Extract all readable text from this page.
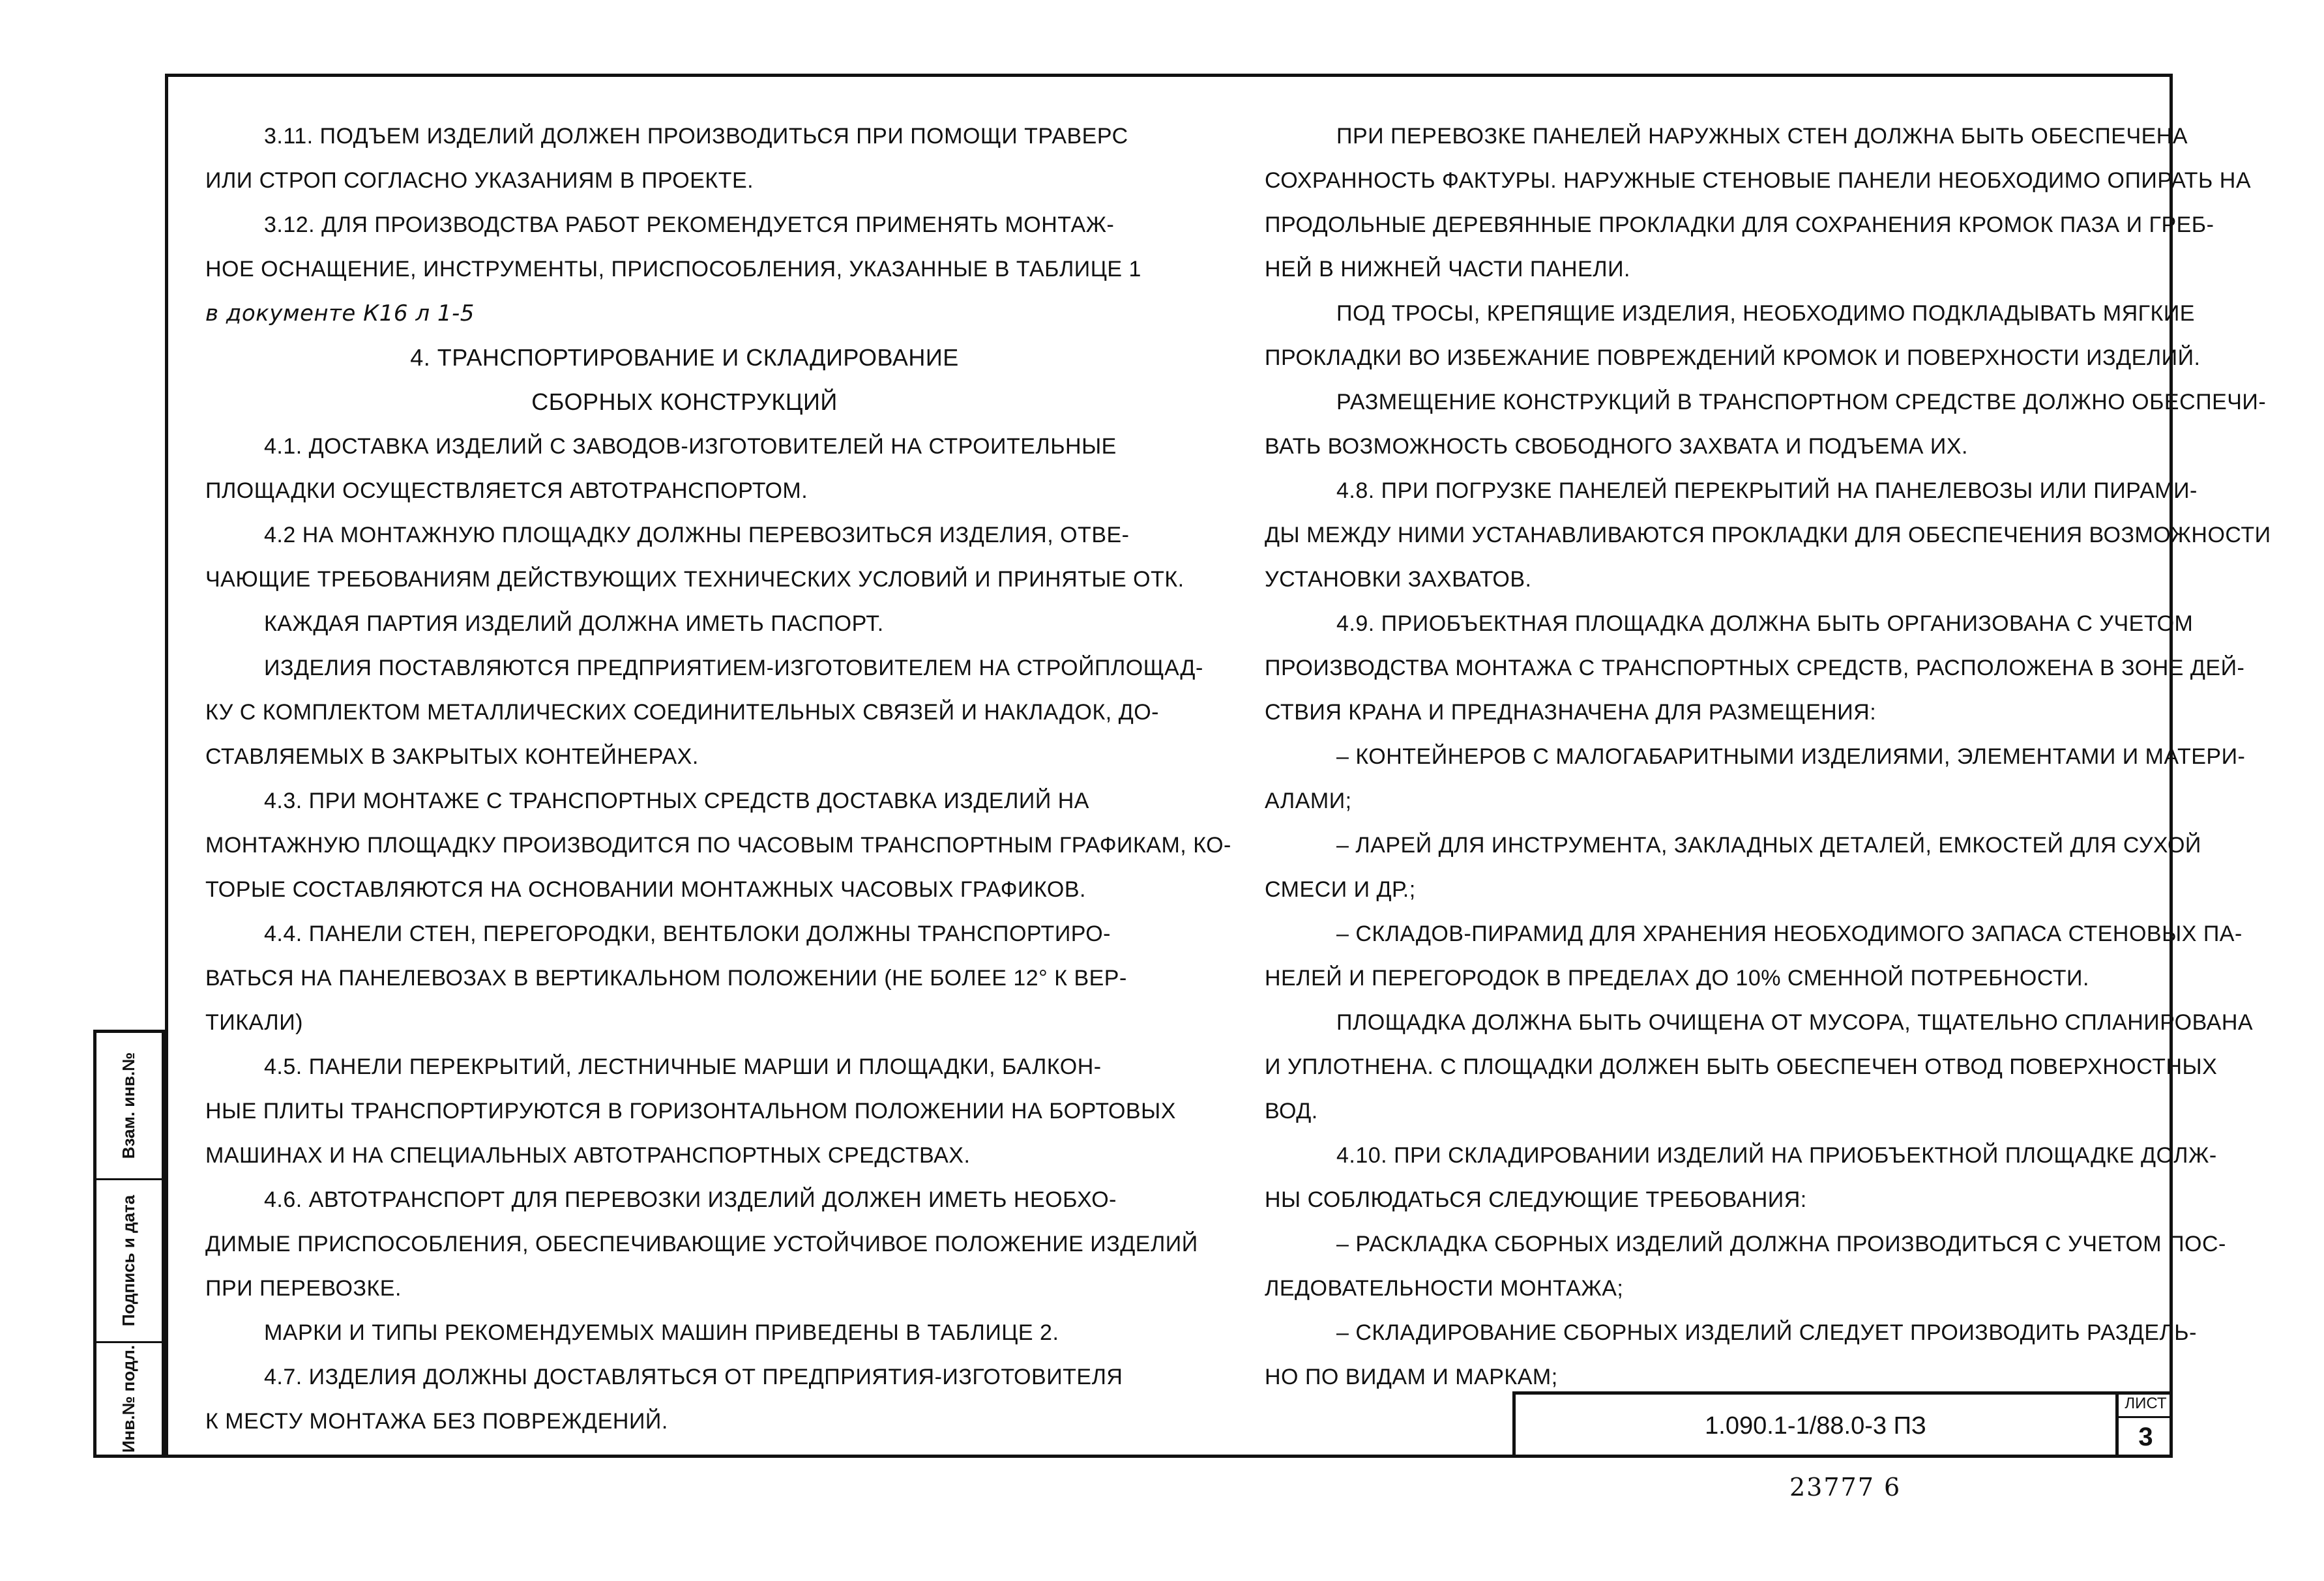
3.11. ПОДЪЕМ ИЗДЕЛИЙ ДОЛЖЕН ПРОИЗВОДИТЬСЯ ПРИ ПОМОЩИ ТРАВЕРС
ИЛИ СТРОП СОГЛАСНО УКАЗАНИЯМ В ПРОЕКТЕ.
3.12. ДЛЯ ПРОИЗВОДСТВА РАБОТ РЕКОМЕНДУЕТСЯ ПРИМЕНЯТЬ МОНТАЖ-
НОЕ ОСНАЩЕНИЕ, ИНСТРУМЕНТЫ, ПРИСПОСОБЛЕНИЯ, УКАЗАННЫЕ В ТАБЛИЦЕ 1
в документе К16 л 1-5
4. ТРАНСПОРТИРОВАНИЕ И СКЛАДИРОВАНИЕ
СБОРНЫХ КОНСТРУКЦИЙ
4.1. ДОСТАВКА ИЗДЕЛИЙ С ЗАВОДОВ-ИЗГОТОВИТЕЛЕЙ НА СТРОИТЕЛЬНЫЕ
ПЛОЩАДКИ ОСУЩЕСТВЛЯЕТСЯ АВТОТРАНСПОРТОМ.
4.2 НА МОНТАЖНУЮ ПЛОЩАДКУ ДОЛЖНЫ ПЕРЕВОЗИТЬСЯ ИЗДЕЛИЯ, ОТВЕ-
ЧАЮЩИЕ ТРЕБОВАНИЯМ ДЕЙСТВУЮЩИХ ТЕХНИЧЕСКИХ УСЛОВИЙ И ПРИНЯТЫЕ ОТК.
КАЖДАЯ ПАРТИЯ ИЗДЕЛИЙ ДОЛЖНА ИМЕТЬ ПАСПОРТ.
ИЗДЕЛИЯ ПОСТАВЛЯЮТСЯ ПРЕДПРИЯТИЕМ-ИЗГОТОВИТЕЛЕМ НА СТРОЙПЛОЩАД-
КУ С КОМПЛЕКТОМ МЕТАЛЛИЧЕСКИХ СОЕДИНИТЕЛЬНЫХ СВЯЗЕЙ И НАКЛАДОК, ДО-
СТАВЛЯЕМЫХ В ЗАКРЫТЫХ КОНТЕЙНЕРАХ.
4.3. ПРИ МОНТАЖЕ С ТРАНСПОРТНЫХ СРЕДСТВ ДОСТАВКА ИЗДЕЛИЙ НА
МОНТАЖНУЮ ПЛОЩАДКУ ПРОИЗВОДИТСЯ ПО ЧАСОВЫМ ТРАНСПОРТНЫМ ГРАФИКАМ, КО-
ТОРЫЕ СОСТАВЛЯЮТСЯ НА ОСНОВАНИИ МОНТАЖНЫХ ЧАСОВЫХ ГРАФИКОВ.
4.4. ПАНЕЛИ СТЕН, ПЕРЕГОРОДКИ, ВЕНТБЛОКИ ДОЛЖНЫ ТРАНСПОРТИРО-
ВАТЬСЯ НА ПАНЕЛЕВОЗАХ В ВЕРТИКАЛЬНОМ ПОЛОЖЕНИИ (НЕ БОЛЕЕ 12° К ВЕР-
ТИКАЛИ)
4.5. ПАНЕЛИ ПЕРЕКРЫТИЙ, ЛЕСТНИЧНЫЕ МАРШИ И ПЛОЩАДКИ, БАЛКОН-
НЫЕ ПЛИТЫ ТРАНСПОРТИРУЮТСЯ В ГОРИЗОНТАЛЬНОМ ПОЛОЖЕНИИ НА БОРТОВЫХ
МАШИНАХ И НА СПЕЦИАЛЬНЫХ АВТОТРАНСПОРТНЫХ СРЕДСТВАХ.
4.6. АВТОТРАНСПОРТ ДЛЯ ПЕРЕВОЗКИ ИЗДЕЛИЙ ДОЛЖЕН ИМЕТЬ НЕОБХО-
ДИМЫЕ ПРИСПОСОБЛЕНИЯ, ОБЕСПЕЧИВАЮЩИЕ УСТОЙЧИВОЕ ПОЛОЖЕНИЕ ИЗДЕЛИЙ
ПРИ ПЕРЕВОЗКЕ.
МАРКИ И ТИПЫ РЕКОМЕНДУЕМЫХ МАШИН ПРИВЕДЕНЫ В ТАБЛИЦЕ 2.
4.7. ИЗДЕЛИЯ ДОЛЖНЫ ДОСТАВЛЯТЬСЯ ОТ ПРЕДПРИЯТИЯ-ИЗГОТОВИТЕЛЯ
К МЕСТУ МОНТАЖА БЕЗ ПОВРЕЖДЕНИЙ.
ПРИ ПЕРЕВОЗКЕ ПАНЕЛЕЙ НАРУЖНЫХ СТЕН ДОЛЖНА БЫТЬ ОБЕСПЕЧЕНА
СОХРАННОСТЬ ФАКТУРЫ. НАРУЖНЫЕ СТЕНОВЫЕ ПАНЕЛИ НЕОБХОДИМО ОПИРАТЬ НА
ПРОДОЛЬНЫЕ ДЕРЕВЯННЫЕ ПРОКЛАДКИ ДЛЯ СОХРАНЕНИЯ КРОМОК ПАЗА И ГРЕБ-
НЕЙ В НИЖНЕЙ ЧАСТИ ПАНЕЛИ.
ПОД ТРОСЫ, КРЕПЯЩИЕ ИЗДЕЛИЯ, НЕОБХОДИМО ПОДКЛАДЫВАТЬ МЯГКИЕ
ПРОКЛАДКИ ВО ИЗБЕЖАНИЕ ПОВРЕЖДЕНИЙ КРОМОК И ПОВЕРХНОСТИ ИЗДЕЛИЙ.
РАЗМЕЩЕНИЕ КОНСТРУКЦИЙ В ТРАНСПОРТНОМ СРЕДСТВЕ ДОЛЖНО ОБЕСПЕЧИ-
ВАТЬ ВОЗМОЖНОСТЬ СВОБОДНОГО ЗАХВАТА И ПОДЪЕМА ИХ.
4.8. ПРИ ПОГРУЗКЕ ПАНЕЛЕЙ ПЕРЕКРЫТИЙ НА ПАНЕЛЕВОЗЫ ИЛИ ПИРАМИ-
ДЫ МЕЖДУ НИМИ УСТАНАВЛИВАЮТСЯ ПРОКЛАДКИ ДЛЯ ОБЕСПЕЧЕНИЯ ВОЗМОЖНОСТИ
УСТАНОВКИ ЗАХВАТОВ.
4.9. ПРИОБЪЕКТНАЯ ПЛОЩАДКА ДОЛЖНА БЫТЬ ОРГАНИЗОВАНА С УЧЕТОМ
ПРОИЗВОДСТВА МОНТАЖА С ТРАНСПОРТНЫХ СРЕДСТВ, РАСПОЛОЖЕНА В ЗОНЕ ДЕЙ-
СТВИЯ КРАНА И ПРЕДНАЗНАЧЕНА ДЛЯ РАЗМЕЩЕНИЯ:
– КОНТЕЙНЕРОВ С МАЛОГАБАРИТНЫМИ ИЗДЕЛИЯМИ, ЭЛЕМЕНТАМИ И МАТЕРИ-
АЛАМИ;
– ЛАРЕЙ ДЛЯ ИНСТРУМЕНТА, ЗАКЛАДНЫХ ДЕТАЛЕЙ, ЕМКОСТЕЙ ДЛЯ СУХОЙ
СМЕСИ И ДР.;
– СКЛАДОВ-ПИРАМИД ДЛЯ ХРАНЕНИЯ НЕОБХОДИМОГО ЗАПАСА СТЕНОВЫХ ПА-
НЕЛЕЙ И ПЕРЕГОРОДОК В ПРЕДЕЛАХ ДО 10% СМЕННОЙ ПОТРЕБНОСТИ.
ПЛОЩАДКА ДОЛЖНА БЫТЬ ОЧИЩЕНА ОТ МУСОРА, ТЩАТЕЛЬНО СПЛАНИРОВАНА
И УПЛОТНЕНА. С ПЛОЩАДКИ ДОЛЖЕН БЫТЬ ОБЕСПЕЧЕН ОТВОД ПОВЕРХНОСТНЫХ
ВОД.
4.10. ПРИ СКЛАДИРОВАНИИ ИЗДЕЛИЙ НА ПРИОБЪЕКТНОЙ ПЛОЩАДКЕ ДОЛЖ-
НЫ СОБЛЮДАТЬСЯ СЛЕДУЮЩИЕ ТРЕБОВАНИЯ:
– РАСКЛАДКА СБОРНЫХ ИЗДЕЛИЙ ДОЛЖНА ПРОИЗВОДИТЬСЯ С УЧЕТОМ ПОС-
ЛЕДОВАТЕЛЬНОСТИ МОНТАЖА;
– СКЛАДИРОВАНИЕ СБОРНЫХ ИЗДЕЛИЙ СЛЕДУЕТ ПРОИЗВОДИТЬ РАЗДЕЛЬ-
НО ПО ВИДАМ И МАРКАМ;
Взам. инв.№
Подпись и дата
Инв.№ подл.	1.090.1-1/88.0-3 ПЗ
ЛИСТ
3
23777 6
